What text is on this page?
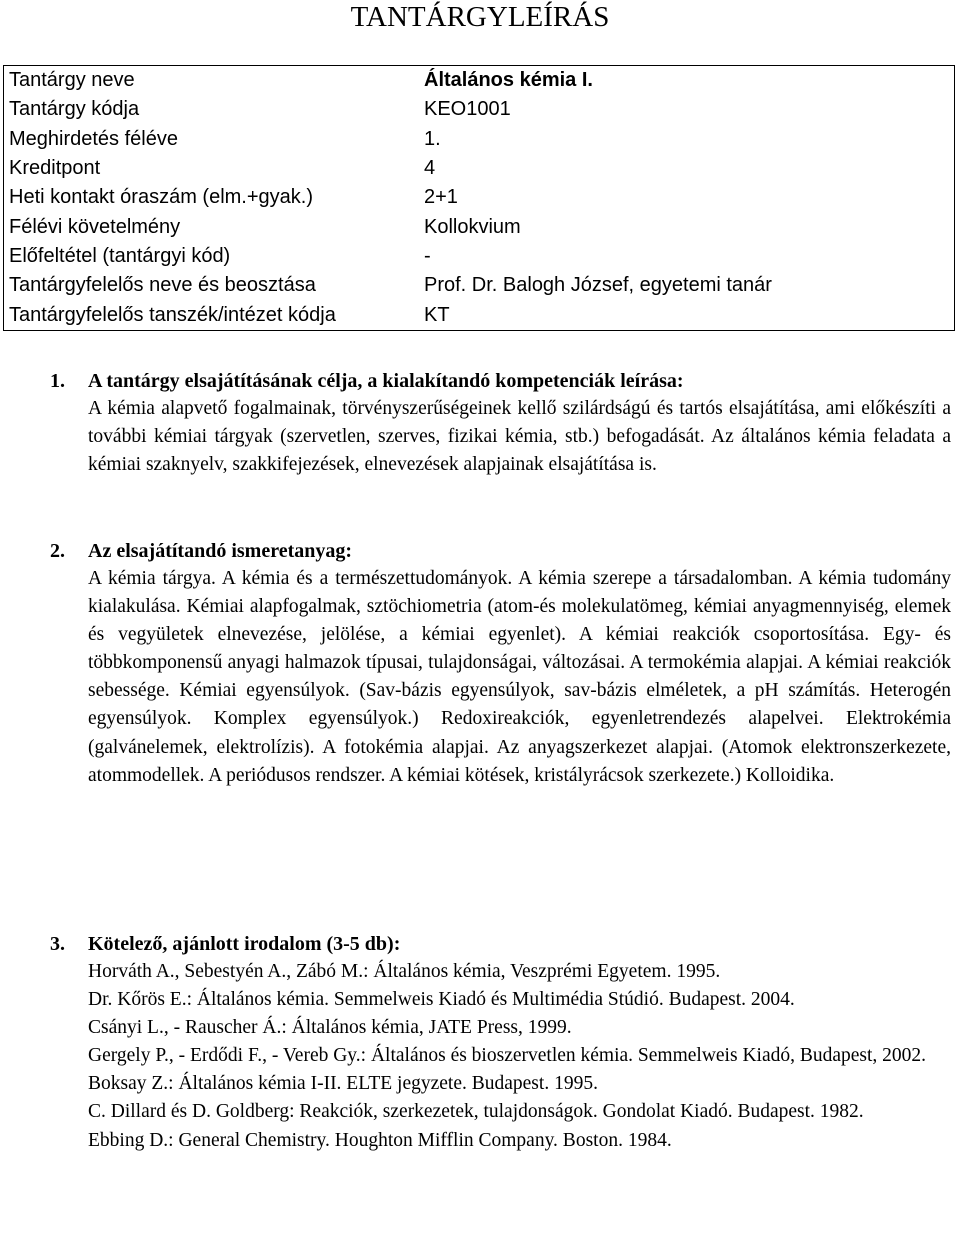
TANTÁRGYLEÍRÁS
Tantárgy neve	Általános kémia I.
Tantárgy kódja	KEO1001
Meghirdetés féléve	1.
Kreditpont	4
Heti kontakt óraszám (elm.+gyak.)	2+1
Félévi követelmény	Kollokvium
Előfeltétel (tantárgyi kód)	-
Tantárgyfelelős neve és beosztása	Prof. Dr. Balogh József, egyetemi tanár
Tantárgyfelelős tanszék/intézet kódja	KT
1. A tantárgy elsajátításának célja, a kialakítandó kompetenciák leírása:
A kémia alapvető fogalmainak, törvényszerűségeinek kellő szilárdságú és tartós elsajátítása, ami előkészíti a további kémiai tárgyak (szervetlen, szerves, fizikai kémia, stb.) befogadását. Az általános kémia feladata a kémiai szaknyelv, szakkifejezések, elnevezések alapjainak elsajátítása is.
2. Az elsajátítandó ismeretanyag:
A kémia tárgya. A kémia és a természettudományok. A kémia szerepe a társadalomban. A kémia tudomány kialakulása. Kémiai alapfogalmak, sztöchiometria (atom-és molekulatömeg, kémiai anyagmennyiség, elemek és vegyületek elnevezése, jelölése, a kémiai egyenlet). A kémiai reakciók csoportosítása. Egy- és többkomponensű anyagi halmazok típusai, tulajdonságai, változásai. A termokémia alapjai. A kémiai reakciók sebessége. Kémiai egyensúlyok. (Sav-bázis egyensúlyok, sav-bázis elméletek, a pH számítás. Heterogén egyensúlyok. Komplex egyensúlyok.) Redoxireakciók, egyenletrendezés alapelvei. Elektrokémia (galvánelemek, elektrolízis). A fotokémia alapjai. Az anyagszerkezet alapjai. (Atomok elektronszerkezete, atommodellek. A periódusos rendszer. A kémiai kötések, kristályrácsok szerkezete.) Kolloidika.
3. Kötelező, ajánlott irodalom (3-5 db):
Horváth A., Sebestyén A., Zábó M.: Általános kémia, Veszprémi Egyetem. 1995.
Dr. Kőrös E.: Általános kémia. Semmelweis Kiadó és Multimédia Stúdió. Budapest. 2004.
Csányi L., - Rauscher Á.: Általános kémia, JATE Press, 1999.
Gergely P., - Erdődi F., - Vereb Gy.: Általános és bioszervetlen kémia. Semmelweis Kiadó, Budapest, 2002.
Boksay Z.: Általános kémia I-II. ELTE jegyzete. Budapest. 1995.
C. Dillard és D. Goldberg: Reakciók, szerkezetek, tulajdonságok. Gondolat Kiadó. Budapest. 1982.
Ebbing D.: General Chemistry. Houghton Mifflin Company. Boston. 1984.
